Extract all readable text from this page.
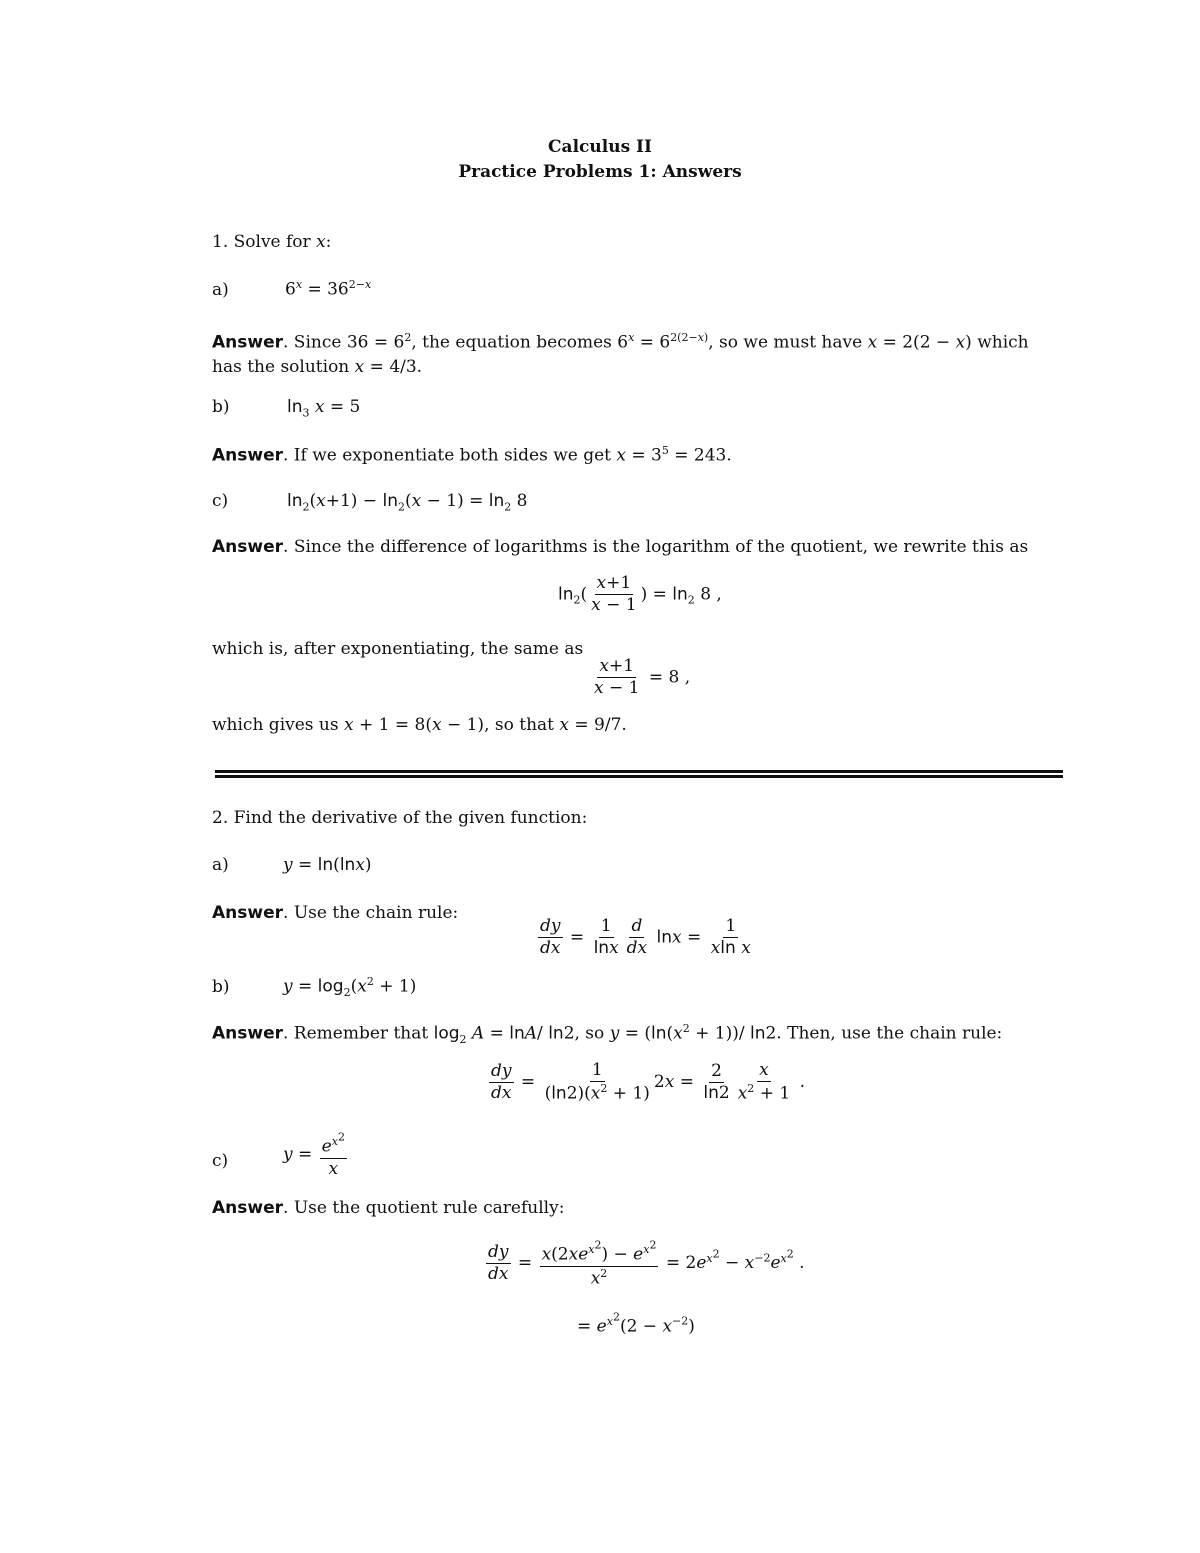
Calculus II
Practice Problems 1: Answers
1. Solve for x:
a)	$6^x = 36^{2-x}$
Answer. Since $36 = 6^2$, the equation becomes $6^x = 6^{2(2-x)}$, so we must have x = 2(2 − x) which has the solution x = 4/3.
b)	$\ln_3 x = 5$
Answer. If we exponentiate both sides we get $x = 3^5 = 243$.
c)	$\ln_2(x+1) - \ln_2(x - 1) = \ln_2 8$
Answer. Since the difference of logarithms is the logarithm of the quotient, we rewrite this as
$\ln_2( \frac{x+1}{x - 1}$ ) = $\ln_2 8$ ,
which is, after exponentiating, the same as
$\frac{x+1}{x - 1} = 8$ ,
which gives us x + 1 = 8(x − 1), so that x = 9/7.
2. Find the derivative of the given function:
a)	y = ln(lnx)
Answer. Use the chain rule:
$\frac{dy}{dx} = \frac{1}{\ln x} \frac{d}{dx}$ $\ln x = \frac{1}{\text{xln x}}$
b)	$y = \log_2(x^2 + 1)$
Answer. Remember that $\log_2 A = \ln A/$ ln2, so $y = (\ln(x^2 + 1))/$ ln2. Then, use the chain rule:
$\frac{dy}{dx} = \frac{1}{(\ln 2)(x^2 + 1)} 2x = \frac{2}{\ln 2} \frac{x}{x^2 + 1}$ .
c)	$y = \frac{e^{x^2}}{x}$
Answer. Use the quotient rule carefully:
$\frac{dy}{dx} = \frac{x(2xe^{x^2}) - e^{x^2}}{x^2} = 2e^{x^2} - x^{-2}e^{x^2}$ .
= $e^{x^2}(2 - x^{-2})$
